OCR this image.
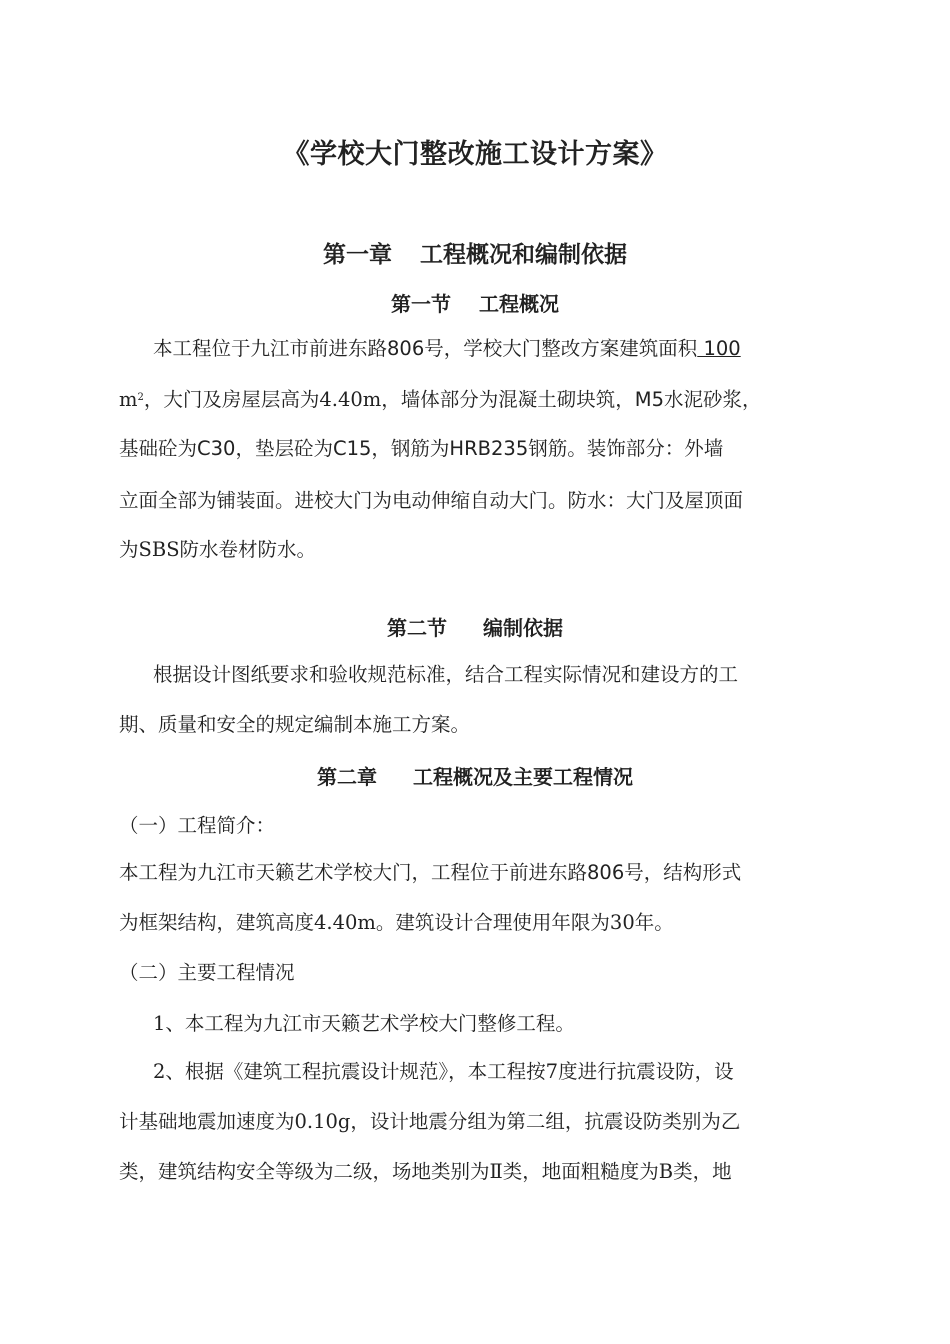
《学校大门整改施工设计方案》
第一章 工程概况和编制依据
第一节 工程概况
本工程位于九江市前进东路806号，学校大门整改方案建筑面积 100
$m^2$，大门及房屋层高为4.40m，墙体部分为混凝土砌块筑，M5水泥砂浆，
基础砼为C30，垫层砼为C15，钢筋为HRB235钢筋。装饰部分：外墙
立面全部为铺装面。进校大门为电动伸缩自动大门。防水：大门及屋顶面
为SBS防水卷材防水。
第二节 编制依据
根据设计图纸要求和验收规范标准，结合工程实际情况和建设方的工
期、质量和安全的规定编制本施工方案。
第二章 工程概况及主要工程情况
（一）工程简介：
本工程为九江市天籁艺术学校大门，工程位于前进东路806号，结构形式
为框架结构，建筑高度4.40m。建筑设计合理使用年限为30年。
（二）主要工程情况
1、本工程为九江市天籁艺术学校大门整修工程。
2、根据《建筑工程抗震设计规范》，本工程按7度进行抗震设防，设
计基础地震加速度为0.10g，设计地震分组为第二组，抗震设防类别为乙
类，建筑结构安全等级为二级，场地类别为Ⅱ类，地面粗糙度为B类，地
